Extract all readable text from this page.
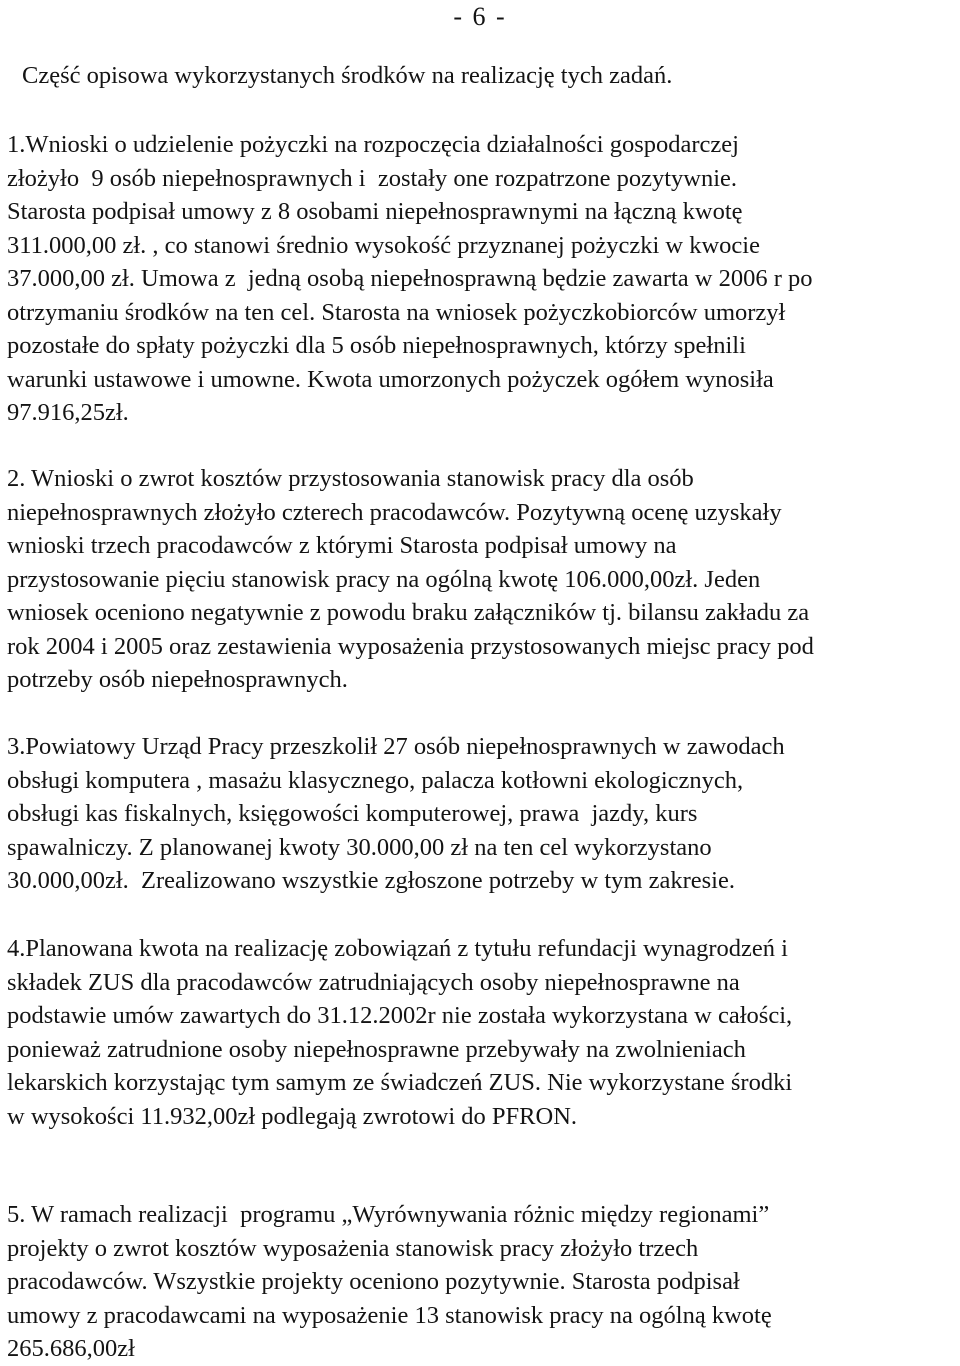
- 6 -
Część opisowa wykorzystanych środków na realizację tych zadań.
1.Wnioski o udzielenie pożyczki na rozpoczęcia działalności gospodarczej
złożyło  9 osób niepełnosprawnych i  zostały one rozpatrzone pozytywnie.
Starosta podpisał umowy z 8 osobami niepełnosprawnymi na łączną kwotę
311.000,00 zł. , co stanowi średnio wysokość przyznanej pożyczki w kwocie
37.000,00 zł. Umowa z  jedną osobą niepełnosprawną będzie zawarta w 2006 r po
otrzymaniu środków na ten cel. Starosta na wniosek pożyczkobiorców umorzył
pozostałe do spłaty pożyczki dla 5 osób niepełnosprawnych, którzy spełnili
warunki ustawowe i umowne. Kwota umorzonych pożyczek ogółem wynosiła
97.916,25zł.
2. Wnioski o zwrot kosztów przystosowania stanowisk pracy dla osób
niepełnosprawnych złożyło czterech pracodawców. Pozytywną ocenę uzyskały
wnioski trzech pracodawców z którymi Starosta podpisał umowy na
przystosowanie pięciu stanowisk pracy na ogólną kwotę 106.000,00zł. Jeden
wniosek oceniono negatywnie z powodu braku załączników tj. bilansu zakładu za
rok 2004 i 2005 oraz zestawienia wyposażenia przystosowanych miejsc pracy pod
potrzeby osób niepełnosprawnych.
3.Powiatowy Urząd Pracy przeszkolił 27 osób niepełnosprawnych w zawodach
obsługi komputera , masażu klasycznego, palacza kotłowni ekologicznych,
obsługi kas fiskalnych, księgowości komputerowej, prawa  jazdy, kurs
spawalniczy. Z planowanej kwoty 30.000,00 zł na ten cel wykorzystano
30.000,00zł.  Zrealizowano wszystkie zgłoszone potrzeby w tym zakresie.
4.Planowana kwota na realizację zobowiązań z tytułu refundacji wynagrodzeń i
składek ZUS dla pracodawców zatrudniających osoby niepełnosprawne na
podstawie umów zawartych do 31.12.2002r nie została wykorzystana w całości,
ponieważ zatrudnione osoby niepełnosprawne przebywały na zwolnieniach
lekarskich korzystając tym samym ze świadczeń ZUS. Nie wykorzystane środki
w wysokości 11.932,00zł podlegają zwrotowi do PFRON.
5. W ramach realizacji  programu „Wyrównywania różnic między regionami”
projekty o zwrot kosztów wyposażenia stanowisk pracy złożyło trzech
pracodawców. Wszystkie projekty oceniono pozytywnie. Starosta podpisał
umowy z pracodawcami na wyposażenie 13 stanowisk pracy na ogólną kwotę
265.686,00zł
